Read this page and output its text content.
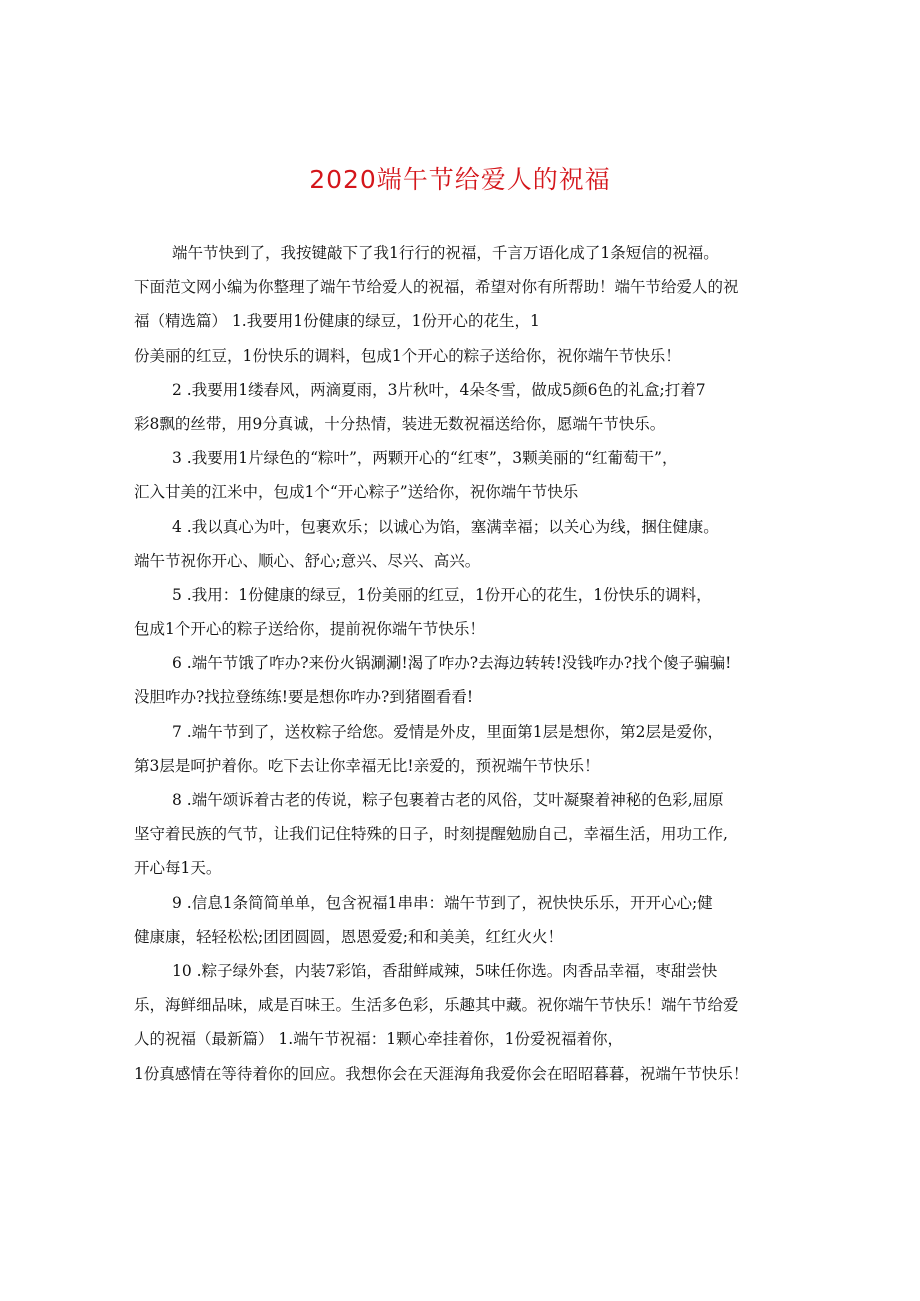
2020端午节给爱人的祝福
端午节快到了，我按键敲下了我1行行的祝福，千言万语化成了1条短信的祝福。
下面范文网小编为你整理了端午节给爱人的祝福，希望对你有所帮助！端午节给爱人的祝
福（精选篇） 1.我要用1份健康的绿豆，1份开心的花生，1
份美丽的红豆，1份快乐的调料，包成1个开心的粽子送给你，祝你端午节快乐！
2 .我要用1缕春风，两滴夏雨，3片秋叶，4朵冬雪，做成5颜6色的礼盒;打着7
彩8飘的丝带，用9分真诚，十分热情，装进无数祝福送给你，愿端午节快乐。
3 .我要用1片绿色的“粽叶”，两颗开心的“红枣”，3颗美丽的“红葡萄干”，
汇入甘美的江米中，包成1个“开心粽子”送给你，祝你端午节快乐
4 .我以真心为叶，包裹欢乐；以诚心为馅，塞满幸福；以关心为线，捆住健康。
端午节祝你开心、顺心、舒心;意兴、尽兴、高兴。
5 .我用：1份健康的绿豆，1份美丽的红豆，1份开心的花生，1份快乐的调料，
包成1个开心的粽子送给你，提前祝你端午节快乐！
6 .端午节饿了咋办?来份火锅涮涮!渴了咋办?去海边转转!没钱咋办?找个傻子骗骗!
没胆咋办?找拉登练练!要是想你咋办?到猪圈看看!
7 .端午节到了，送枚粽子给您。爱情是外皮，里面第1层是想你，第2层是爱你，
第3层是呵护着你。吃下去让你幸福无比!亲爱的，预祝端午节快乐！
8 .端午颂诉着古老的传说，粽子包裹着古老的风俗，艾叶凝聚着神秘的色彩,屈原
坚守着民族的气节，让我们记住特殊的日子，时刻提醒勉励自己，幸福生活，用功工作,
开心每1天。
9 .信息1条简简单单，包含祝福1串串：端午节到了，祝快快乐乐，开开心心;健
健康康，轻轻松松;团团圆圆，恩恩爱爱;和和美美，红红火火！
10 .粽子绿外套，内装7彩馅，香甜鲜咸辣，5味任你选。肉香品幸福，枣甜尝快
乐，海鲜细品味，咸是百味王。生活多色彩，乐趣其中藏。祝你端午节快乐！端午节给爱
人的祝福（最新篇） 1.端午节祝福：1颗心牵挂着你，1份爱祝福着你，
1份真感情在等待着你的回应。我想你会在天涯海角我爱你会在昭昭暮暮，祝端午节快乐！
